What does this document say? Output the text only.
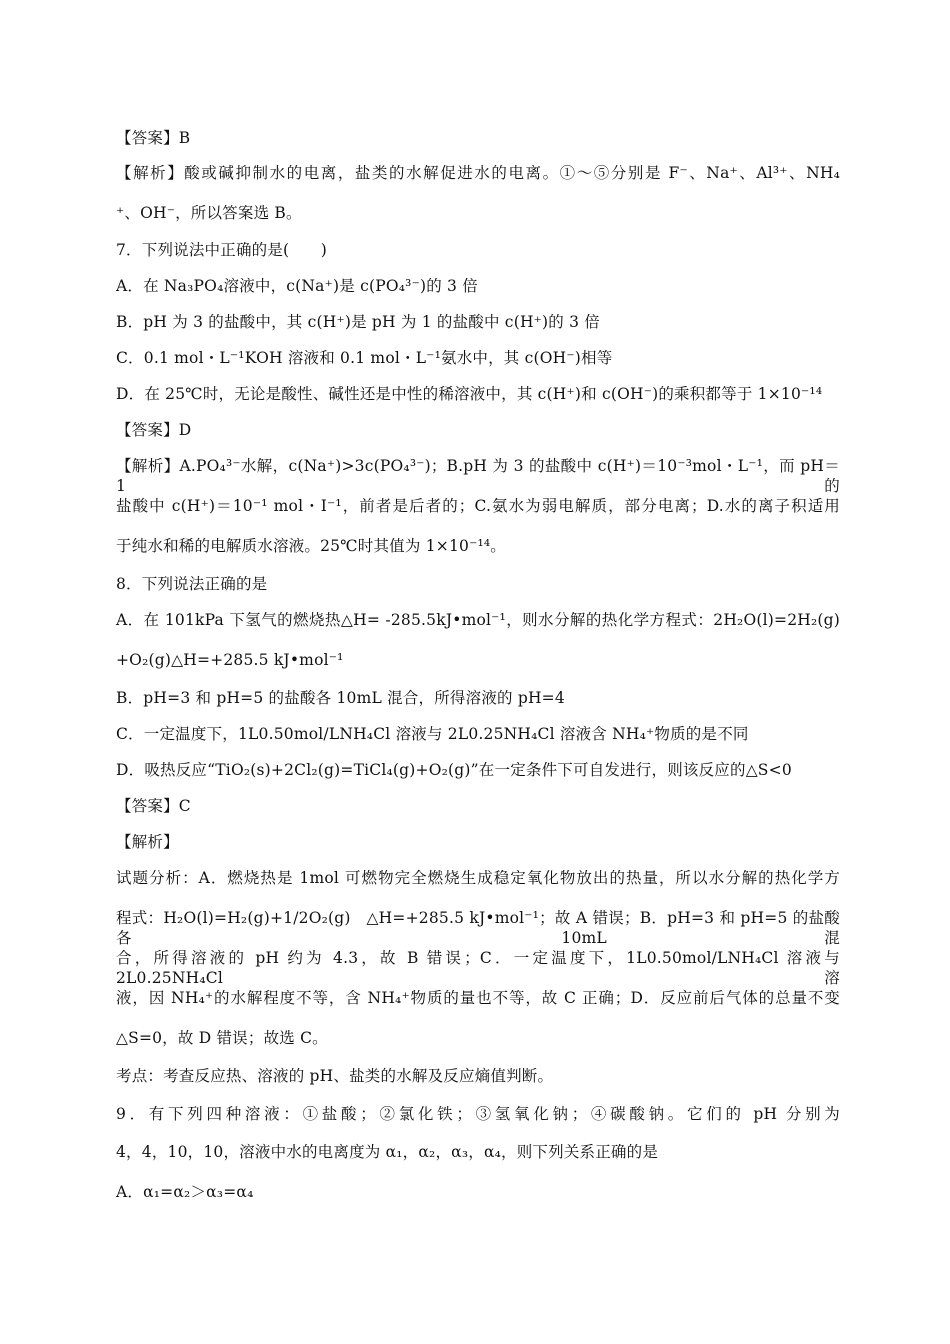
【答案】B
【解析】酸或碱抑制水的电离，盐类的水解促进水的电离。①～⑤分别是 F⁻、Na⁺、Al³⁺、NH₄
⁺、OH⁻，所以答案选 B。
7．下列说法中正确的是(　　)
A．在 Na₃PO₄溶液中，c(Na⁺)是 c(PO₄³⁻)的 3 倍
B．pH 为 3 的盐酸中，其 c(H⁺)是 pH 为 1 的盐酸中 c(H⁺)的 3 倍
C．0.1 mol・L⁻¹KOH 溶液和 0.1 mol・L⁻¹氨水中，其 c(OH⁻)相等
D．在 25℃时，无论是酸性、碱性还是中性的稀溶液中，其 c(H⁺)和 c(OH⁻)的乘积都等于 1×10⁻¹⁴
【答案】D
【解析】A.PO₄³⁻水解，c(Na⁺)>3c(PO₄³⁻)；B.pH 为 3 的盐酸中 c(H⁺)＝10⁻³mol・L⁻¹，而 pH＝1 的
盐酸中 c(H⁺)＝10⁻¹ mol・I⁻¹，前者是后者的；C.氨水为弱电解质，部分电离；D.水的离子积适用
于纯水和稀的电解质水溶液。25℃时其值为 1×10⁻¹⁴。
8．下列说法正确的是
A．在 101kPa 下氢气的燃烧热△H= -285.5kJ•mol⁻¹，则水分解的热化学方程式：2H₂O(l)=2H₂(g)
+O₂(g)△H=+285.5 kJ•mol⁻¹
B．pH=3 和 pH=5 的盐酸各 10mL 混合，所得溶液的 pH=4
C．一定温度下，1L0.50mol/LNH₄Cl 溶液与 2L0.25NH₄Cl 溶液含 NH₄⁺物质的是不同
D．吸热反应“TiO₂(s)+2Cl₂(g)=TiCl₄(g)+O₂(g)”在一定条件下可自发进行，则该反应的△S<0
【答案】C
【解析】
试题分析：A．燃烧热是 1mol 可燃物完全燃烧生成稳定氧化物放出的热量，所以水分解的热化学方
程式：H₂O(l)=H₂(g)+1/2O₂(g)　△H=+285.5 kJ•mol⁻¹；故 A 错误；B．pH=3 和 pH=5 的盐酸各 10mL 混
合，所得溶液的 pH 约为 4.3，故 B 错误；C．一定温度下，1L0.50mol/LNH₄Cl 溶液与 2L0.25NH₄Cl 溶
液，因 NH₄⁺的水解程度不等，含 NH₄⁺物质的量也不等，故 C 正确；D．反应前后气体的总量不变
△S=0，故 D 错误；故选 C。
考点：考查反应热、溶液的 pH、盐类的水解及反应熵值判断。
9．有下列四种溶液：①盐酸；②氯化铁；③氢氧化钠；④碳酸钠。它们的 pH 分别为
4，4，10，10，溶液中水的电离度为 α₁，α₂，α₃，α₄，则下列关系正确的是
A．α₁=α₂＞α₃=α₄
